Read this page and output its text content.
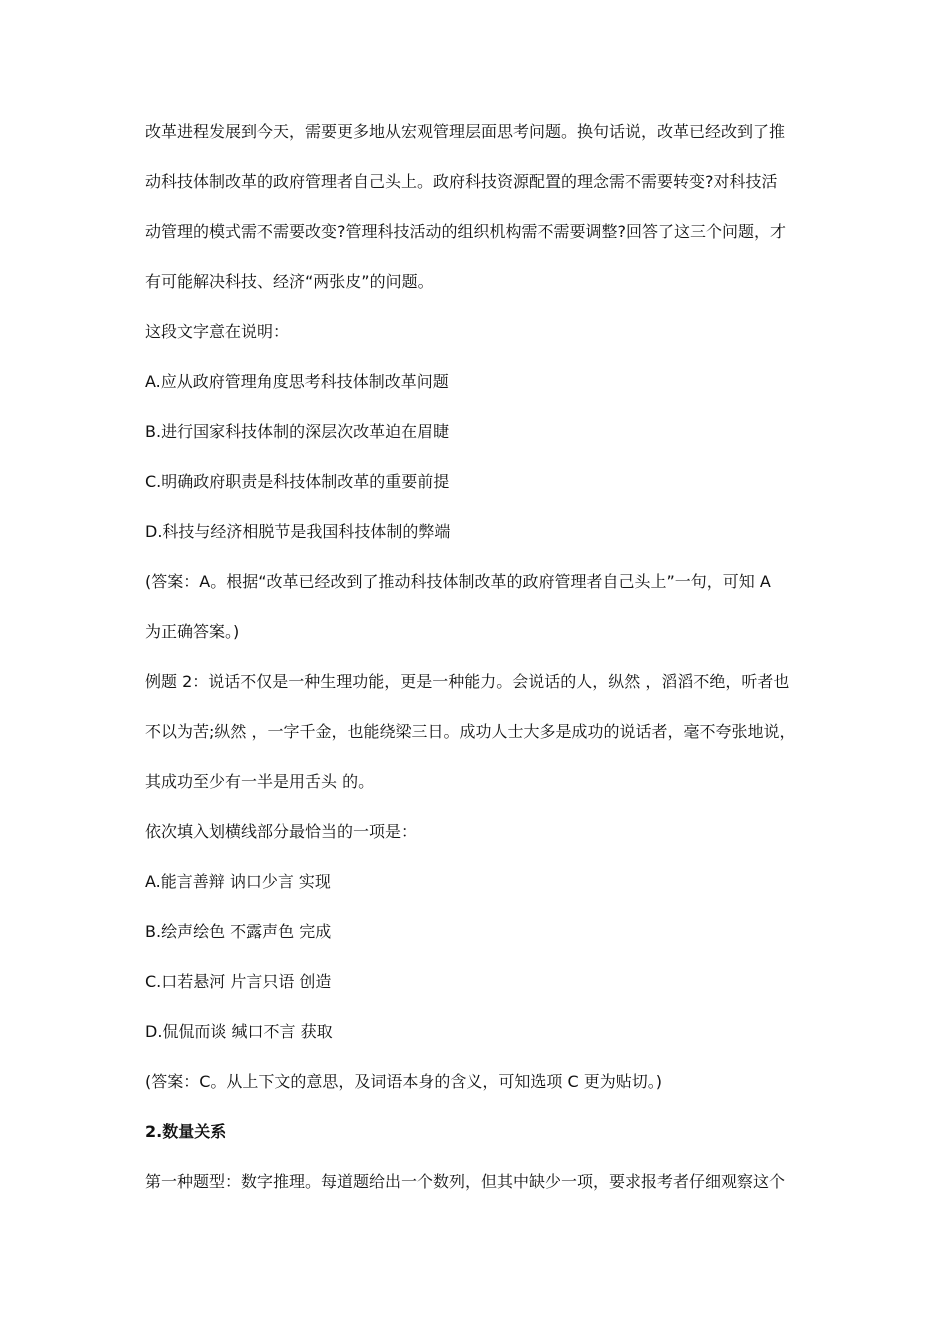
改革进程发展到今天，需要更多地从宏观管理层面思考问题。换句话说，改革已经改到了推
动科技体制改革的政府管理者自己头上。政府科技资源配置的理念需不需要转变?对科技活
动管理的模式需不需要改变?管理科技活动的组织机构需不需要调整?回答了这三个问题，才
有可能解决科技、经济“两张皮”的问题。
这段文字意在说明：
A.应从政府管理角度思考科技体制改革问题
B.进行国家科技体制的深层次改革迫在眉睫
C.明确政府职责是科技体制改革的重要前提
D.科技与经济相脱节是我国科技体制的弊端
(答案：A。根据“改革已经改到了推动科技体制改革的政府管理者自己头上”一句，可知 A
为正确答案。)
例题 2：说话不仅是一种生理功能，更是一种能力。会说话的人，纵然 ，滔滔不绝，听者也
不以为苦;纵然 ，一字千金，也能绕梁三日。成功人士大多是成功的说话者，毫不夸张地说，
其成功至少有一半是用舌头 的。
依次填入划横线部分最恰当的一项是：
A.能言善辩 讷口少言 实现
B.绘声绘色 不露声色 完成
C.口若悬河 片言只语 创造
D.侃侃而谈 缄口不言 获取
(答案：C。从上下文的意思，及词语本身的含义，可知选项 C 更为贴切。)
2.数量关系
第一种题型：数字推理。每道题给出一个数列，但其中缺少一项，要求报考者仔细观察这个
